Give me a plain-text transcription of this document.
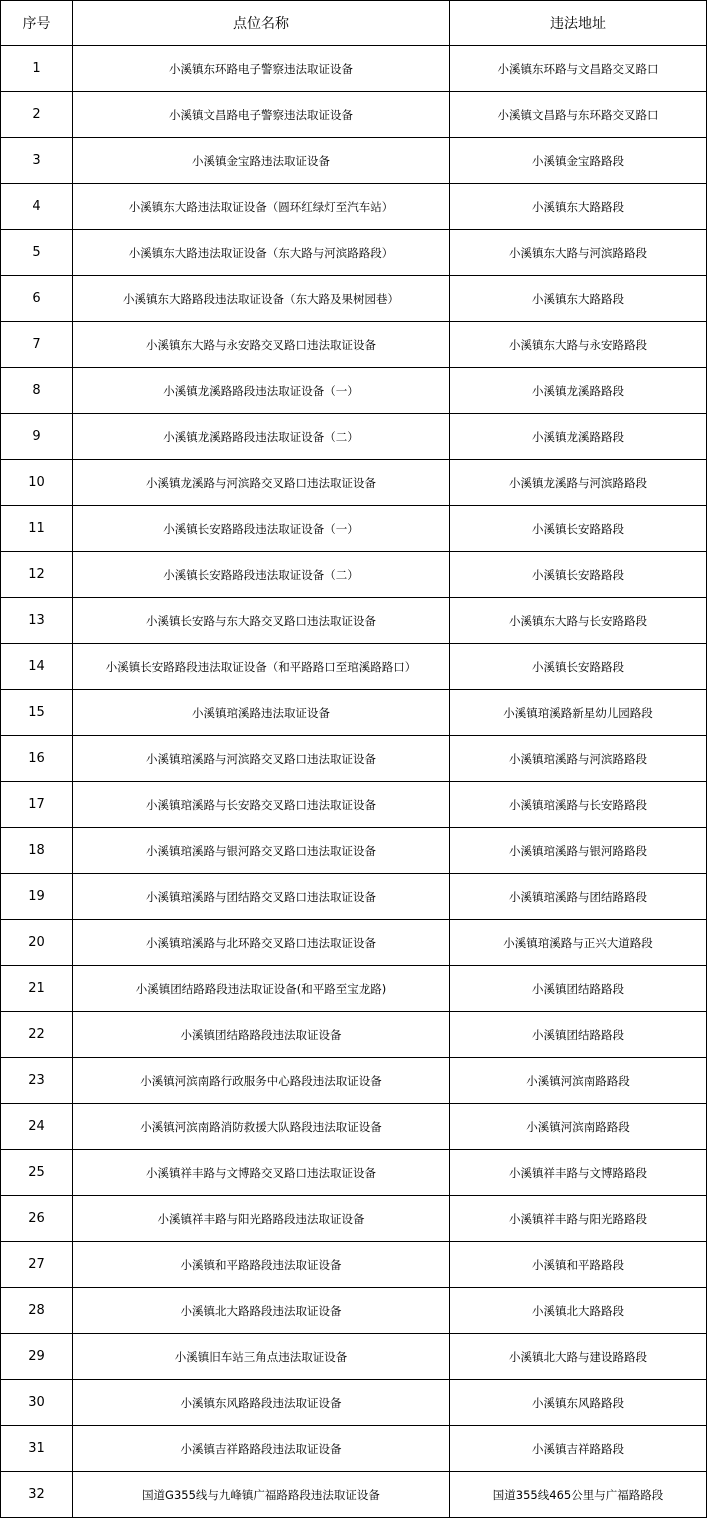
序号	点位名称	违法地址
1	小溪镇东环路电子警察违法取证设备	小溪镇东环路与文昌路交叉路口
2	小溪镇文昌路电子警察违法取证设备	小溪镇文昌路与东环路交叉路口
3	小溪镇金宝路违法取证设备	小溪镇金宝路路段
4	小溪镇东大路违法取证设备（圆环红绿灯至汽车站）	小溪镇东大路路段
5	小溪镇东大路违法取证设备（东大路与河滨路路段）	小溪镇东大路与河滨路路段
6	小溪镇东大路路段违法取证设备（东大路及果树园巷）	小溪镇东大路路段
7	小溪镇东大路与永安路交叉路口违法取证设备	小溪镇东大路与永安路路段
8	小溪镇龙溪路路段违法取证设备（一）	小溪镇龙溪路路段
9	小溪镇龙溪路路段违法取证设备（二）	小溪镇龙溪路路段
10	小溪镇龙溪路与河滨路交叉路口违法取证设备	小溪镇龙溪路与河滨路路段
11	小溪镇长安路路段违法取证设备（一）	小溪镇长安路路段
12	小溪镇长安路路段违法取证设备（二）	小溪镇长安路路段
13	小溪镇长安路与东大路交叉路口违法取证设备	小溪镇东大路与长安路路段
14	小溪镇长安路路段违法取证设备（和平路路口至琯溪路路口）	小溪镇长安路路段
15	小溪镇琯溪路违法取证设备	小溪镇琯溪路新星幼儿园路段
16	小溪镇琯溪路与河滨路交叉路口违法取证设备	小溪镇琯溪路与河滨路路段
17	小溪镇琯溪路与长安路交叉路口违法取证设备	小溪镇琯溪路与长安路路段
18	小溪镇琯溪路与银河路交叉路口违法取证设备	小溪镇琯溪路与银河路路段
19	小溪镇琯溪路与团结路交叉路口违法取证设备	小溪镇琯溪路与团结路路段
20	小溪镇琯溪路与北环路交叉路口违法取证设备	小溪镇琯溪路与正兴大道路段
21	小溪镇团结路路段违法取证设备(和平路至宝龙路)	小溪镇团结路路段
22	小溪镇团结路路段违法取证设备	小溪镇团结路路段
23	小溪镇河滨南路行政服务中心路段违法取证设备	小溪镇河滨南路路段
24	小溪镇河滨南路消防救援大队路段违法取证设备	小溪镇河滨南路路段
25	小溪镇祥丰路与文博路交叉路口违法取证设备	小溪镇祥丰路与文博路路段
26	小溪镇祥丰路与阳光路路段违法取证设备	小溪镇祥丰路与阳光路路段
27	小溪镇和平路路段违法取证设备	小溪镇和平路路段
28	小溪镇北大路路段违法取证设备	小溪镇北大路路段
29	小溪镇旧车站三角点违法取证设备	小溪镇北大路与建设路路段
30	小溪镇东风路路段违法取证设备	小溪镇东风路路段
31	小溪镇吉祥路路段违法取证设备	小溪镇吉祥路路段
32	国道G355线与九峰镇广福路路段违法取证设备	国道355线465公里与广福路路段
